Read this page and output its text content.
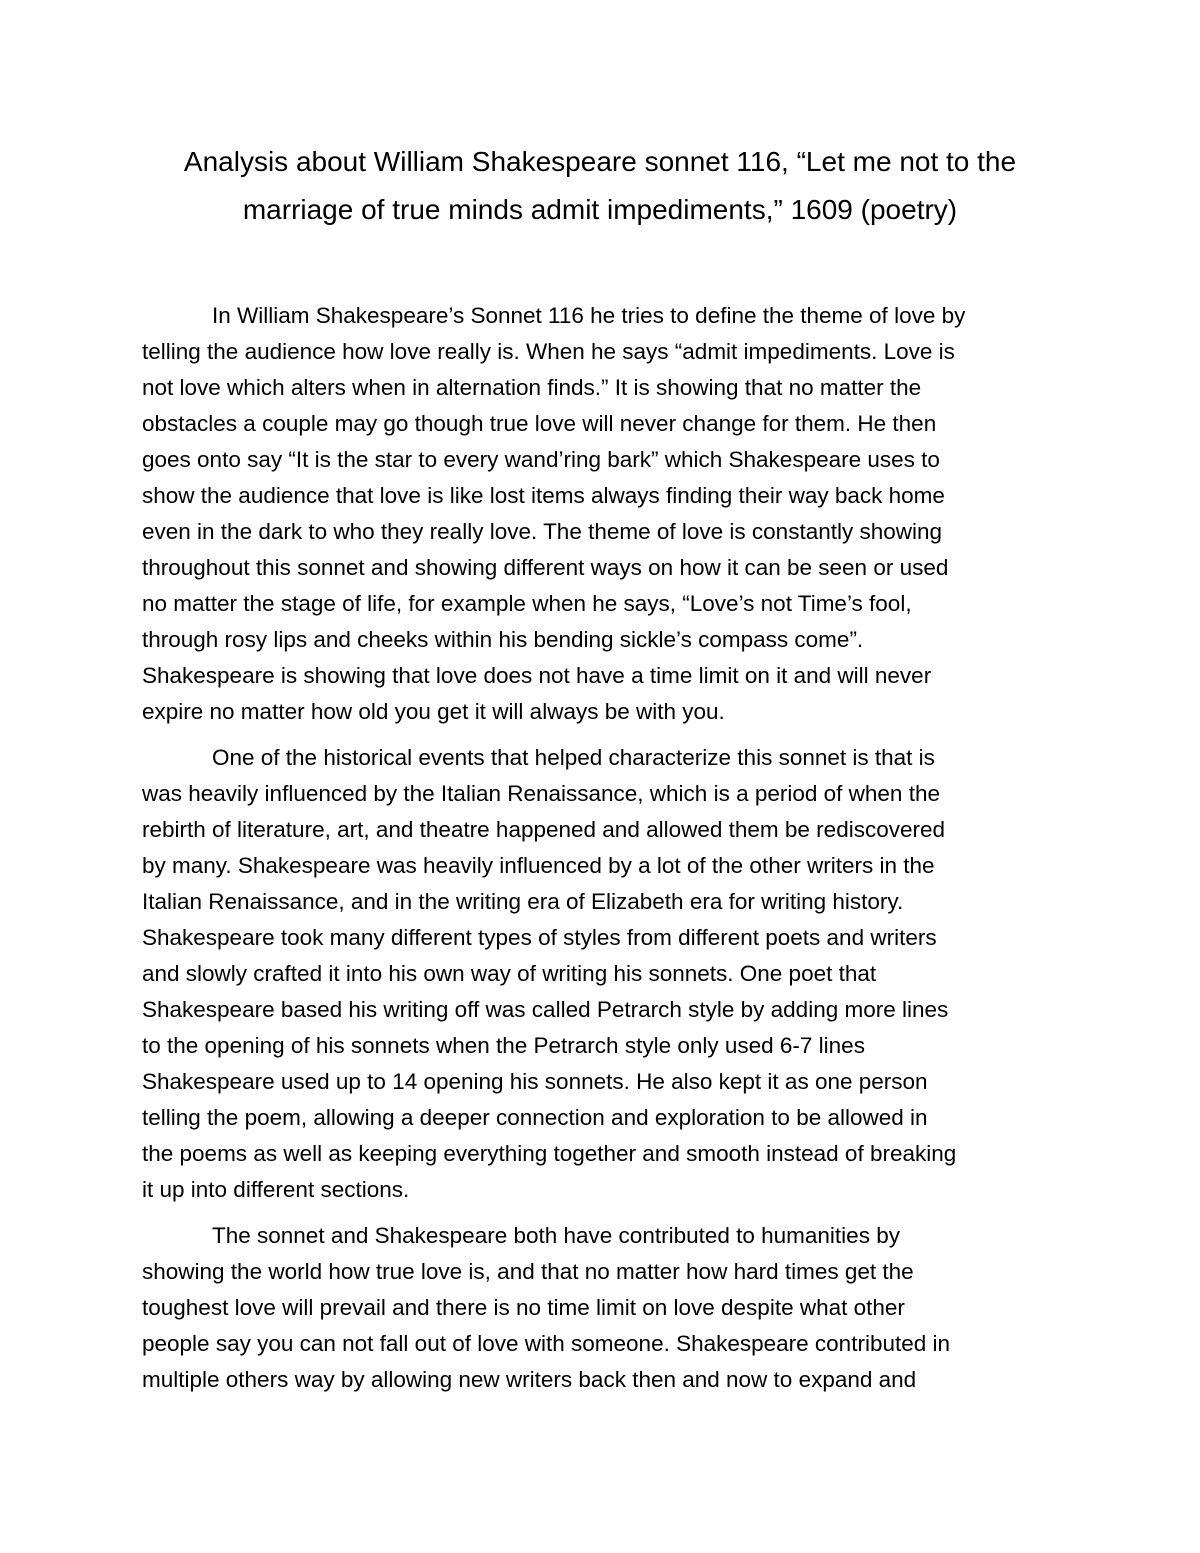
Analysis about William Shakespeare sonnet 116, “Let me not to the
marriage of true minds admit impediments,” 1609 (poetry)

In William Shakespeare’s Sonnet 116 he tries to define the theme of love by
telling the audience how love really is. When he says “admit impediments. Love is
not love which alters when in alternation finds.” It is showing that no matter the
obstacles a couple may go though true love will never change for them. He then
goes onto say “It is the star to every wand’ring bark” which Shakespeare uses to
show the audience that love is like lost items always finding their way back home
even in the dark to who they really love. The theme of love is constantly showing
throughout this sonnet and showing different ways on how it can be seen or used
no matter the stage of life, for example when he says, “Love’s not Time’s fool,
through rosy lips and cheeks within his bending sickle’s compass come”.
Shakespeare is showing that love does not have a time limit on it and will never
expire no matter how old you get it will always be with you.

One of the historical events that helped characterize this sonnet is that is
was heavily influenced by the Italian Renaissance, which is a period of when the
rebirth of literature, art, and theatre happened and allowed them be rediscovered
by many. Shakespeare was heavily influenced by a lot of the other writers in the
Italian Renaissance, and in the writing era of Elizabeth era for writing history.
Shakespeare took many different types of styles from different poets and writers
and slowly crafted it into his own way of writing his sonnets. One poet that
Shakespeare based his writing off was called Petrarch style by adding more lines
to the opening of his sonnets when the Petrarch style only used 6-7 lines
Shakespeare used up to 14 opening his sonnets. He also kept it as one person
telling the poem, allowing a deeper connection and exploration to be allowed in
the poems as well as keeping everything together and smooth instead of breaking
it up into different sections.

The sonnet and Shakespeare both have contributed to humanities by
showing the world how true love is, and that no matter how hard times get the
toughest love will prevail and there is no time limit on love despite what other
people say you can not fall out of love with someone. Shakespeare contributed in
multiple others way by allowing new writers back then and now to expand and
